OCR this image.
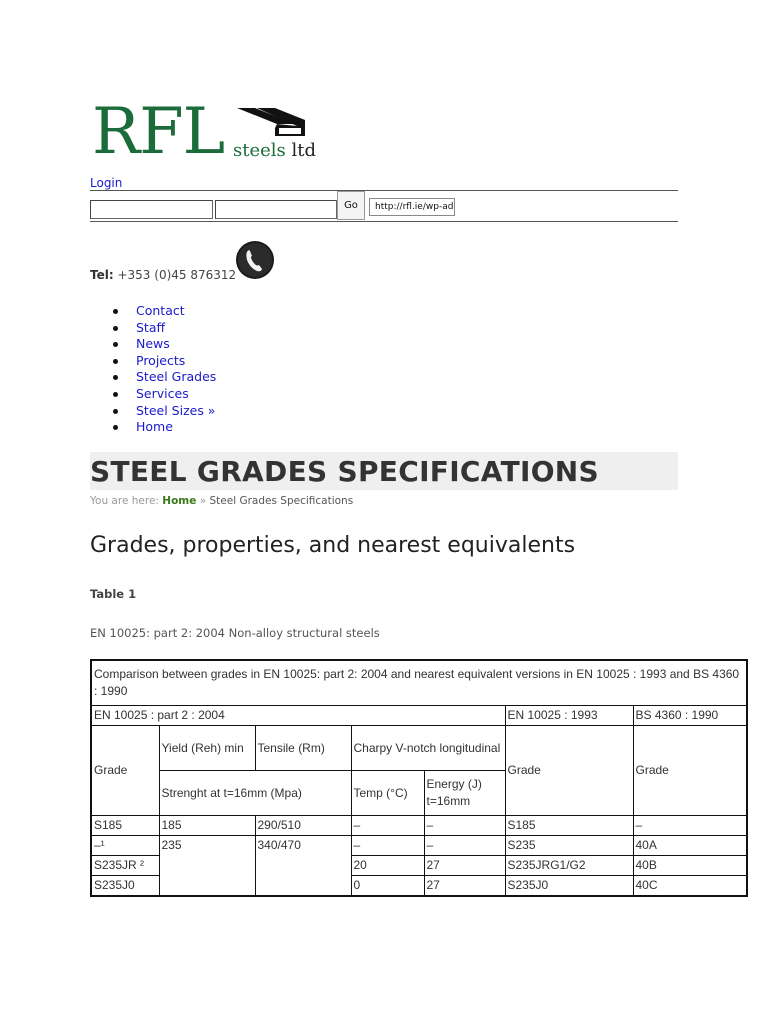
RFL steels ltd
Login
Go	http://rfl.ie/wp-ad
Tel: +353 (0)45 876312
Contact
Staff
News
Projects
Steel Grades
Services
Steel Sizes »
Home
STEEL GRADES SPECIFICATIONS
You are here: Home » Steel Grades Specifications
Grades, properties, and nearest equivalents
Table 1
EN 10025: part 2: 2004 Non-alloy structural steels
Comparison between grades in EN 10025: part 2: 2004 and nearest equivalent versions in EN 10025 : 1993 and BS 4360 : 1990						
EN 10025 : part 2 : 2004					EN 10025 : 1993	BS 4360 : 1990
Grade	Yield (Reh) min	Tensile (Rm)	Charpy V-notch longitudinal		Grade	Grade
	Strenght at t=16mm (Mpa)		Temp (°C)	Energy (J) t=16mm		
S185	185	290/510	–	–	S185	–
–¹	235	340/470	–	–	S235	40A
S235JR ²			20	27	S235JRG1/G2	40B
S235J0			0	27	S235J0	40C
